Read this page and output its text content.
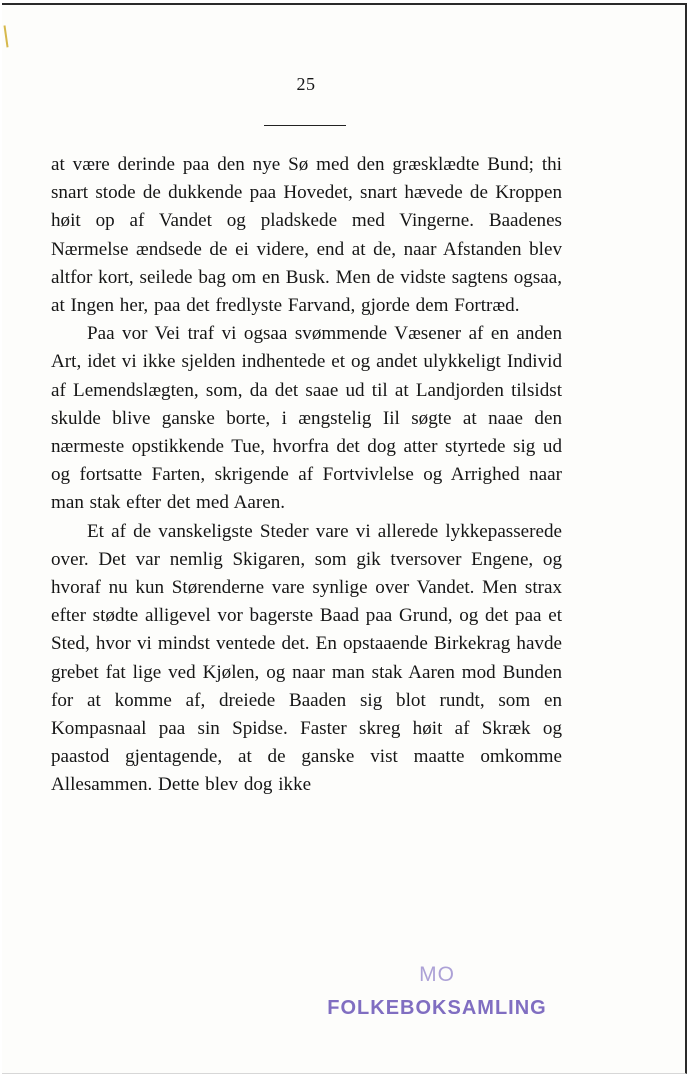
25

at være derinde paa den nye Sø med den græsklædte Bund; thi snart stode de dukkende paa Hovedet, snart hævede de Kroppen høit op af Vandet og pladskede med Vingerne. Baadenes Nærmelse ændsede de ei videre, end at de, naar Afstanden blev altfor kort, seilede bag om en Busk. Men de vidste sagtens ogsaa, at Ingen her, paa det fredlyste Farvand, gjorde dem Fortræd.

Paa vor Vei traf vi ogsaa svømmende Væsener af en anden Art, idet vi ikke sjelden indhentede et og andet ulykkeligt Individ af Lemendslægten, som, da det saae ud til at Landjorden tilsidst skulde blive ganske borte, i ængstelig Iil søgte at naae den nærmeste opstikkende Tue, hvorfra det dog atter styrtede sig ud og fortsatte Farten, skrigende af Fortvivlelse og Arrighed naar man stak efter det med Aaren.

Et af de vanskeligste Steder vare vi allerede lykkepasserede over. Det var nemlig Skigaren, som gik tversover Engene, og hvoraf nu kun Størenderne vare synlige over Vandet. Men strax efter stødte alligevel vor bagerste Baad paa Grund, og det paa et Sted, hvor vi mindst ventede det. En opstaaende Birkekrag havde grebet fat lige ved Kjølen, og naar man stak Aaren mod Bunden for at komme af, dreiede Baaden sig blot rundt, som en Kompasnaal paa sin Spidse. Faster skreg høit af Skræk og paastod gjentagende, at de ganske vist maatte omkomme Allesammen. Dette blev dog ikke

MO
FOLKEBOKSAMLING
